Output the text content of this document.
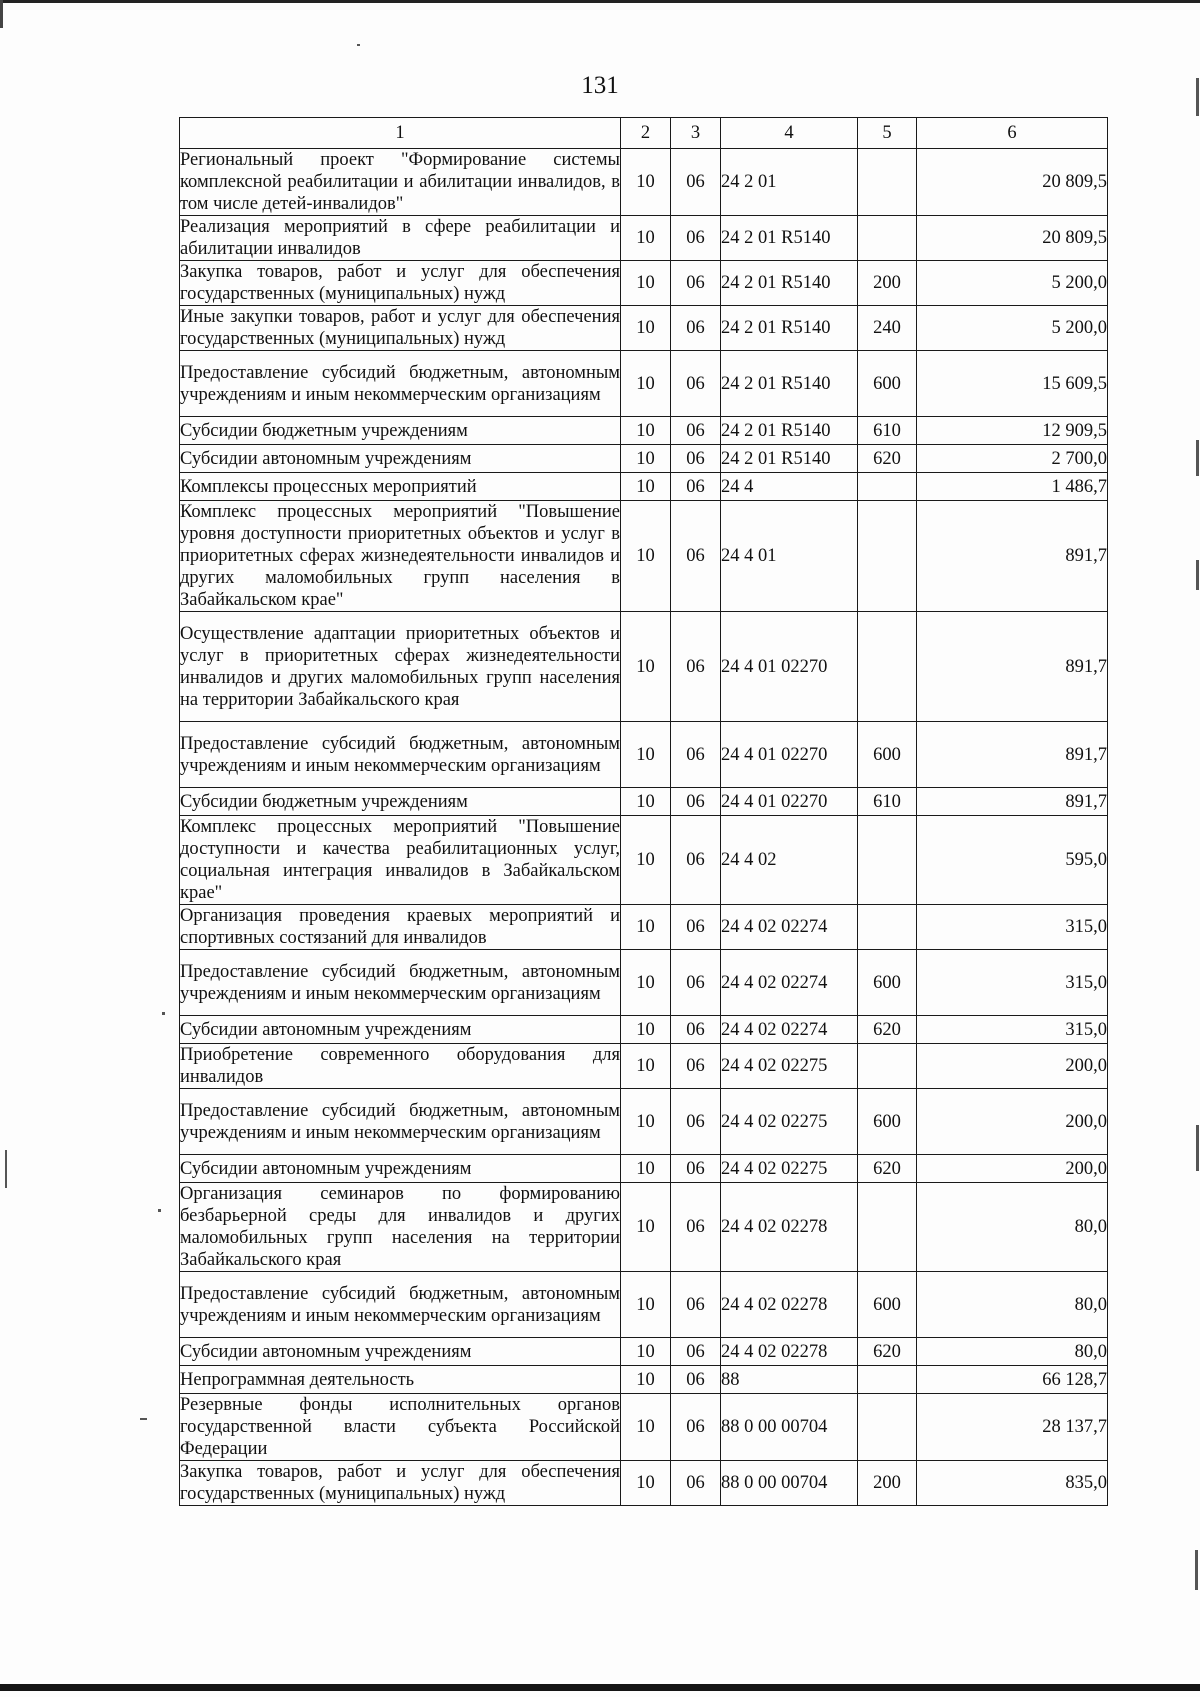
131
1	2	3	4	5	6
Региональный проект "Формирование системы комплексной реабилитации и абилитации инвалидов, в том числе детей-инвалидов"	10	06	24 2 01		20 809,5
Реализация мероприятий в сфере реабилитации и абилитации инвалидов	10	06	24 2 01 R5140		20 809,5
Закупка товаров, работ и услуг для обеспечения государственных (муниципальных) нужд	10	06	24 2 01 R5140	200	5 200,0
Иные закупки товаров, работ и услуг для обеспечения государственных (муниципальных) нужд	10	06	24 2 01 R5140	240	5 200,0
Предоставление субсидий бюджетным, автономным учреждениям и иным некоммерческим организациям	10	06	24 2 01 R5140	600	15 609,5
Субсидии бюджетным учреждениям	10	06	24 2 01 R5140	610	12 909,5
Субсидии автономным учреждениям	10	06	24 2 01 R5140	620	2 700,0
Комплексы процессных мероприятий	10	06	24 4		1 486,7
Комплекс процессных мероприятий "Повышение уровня доступности приоритетных объектов и услуг в приоритетных сферах жизнедеятельности инвалидов и других маломобильных групп населения в Забайкальском крае"	10	06	24 4 01		891,7
Осуществление адаптации приоритетных объектов и услуг в приоритетных сферах жизнедеятельности инвалидов и других маломобильных групп населения на территории Забайкальского края	10	06	24 4 01 02270		891,7
Предоставление субсидий бюджетным, автономным учреждениям и иным некоммерческим организациям	10	06	24 4 01 02270	600	891,7
Субсидии бюджетным учреждениям	10	06	24 4 01 02270	610	891,7
Комплекс процессных мероприятий "Повышение доступности и качества реабилитационных услуг, социальная интеграция инвалидов в Забайкальском крае"	10	06	24 4 02		595,0
Организация проведения краевых мероприятий и спортивных состязаний для инвалидов	10	06	24 4 02 02274		315,0
Предоставление субсидий бюджетным, автономным учреждениям и иным некоммерческим организациям	10	06	24 4 02 02274	600	315,0
Субсидии автономным учреждениям	10	06	24 4 02 02274	620	315,0
Приобретение современного оборудования для инвалидов	10	06	24 4 02 02275		200,0
Предоставление субсидий бюджетным, автономным учреждениям и иным некоммерческим организациям	10	06	24 4 02 02275	600	200,0
Субсидии автономным учреждениям	10	06	24 4 02 02275	620	200,0
Организация семинаров по формированию безбарьерной среды для инвалидов и других маломобильных групп населения на территории Забайкальского края	10	06	24 4 02 02278		80,0
Предоставление субсидий бюджетным, автономным учреждениям и иным некоммерческим организациям	10	06	24 4 02 02278	600	80,0
Субсидии автономным учреждениям	10	06	24 4 02 02278	620	80,0
Непрограммная деятельность	10	06	88		66 128,7
Резервные фонды исполнительных органов государственной власти субъекта Российской Федерации	10	06	88 0 00 00704		28 137,7
Закупка товаров, работ и услуг для обеспечения государственных (муниципальных) нужд	10	06	88 0 00 00704	200	835,0
